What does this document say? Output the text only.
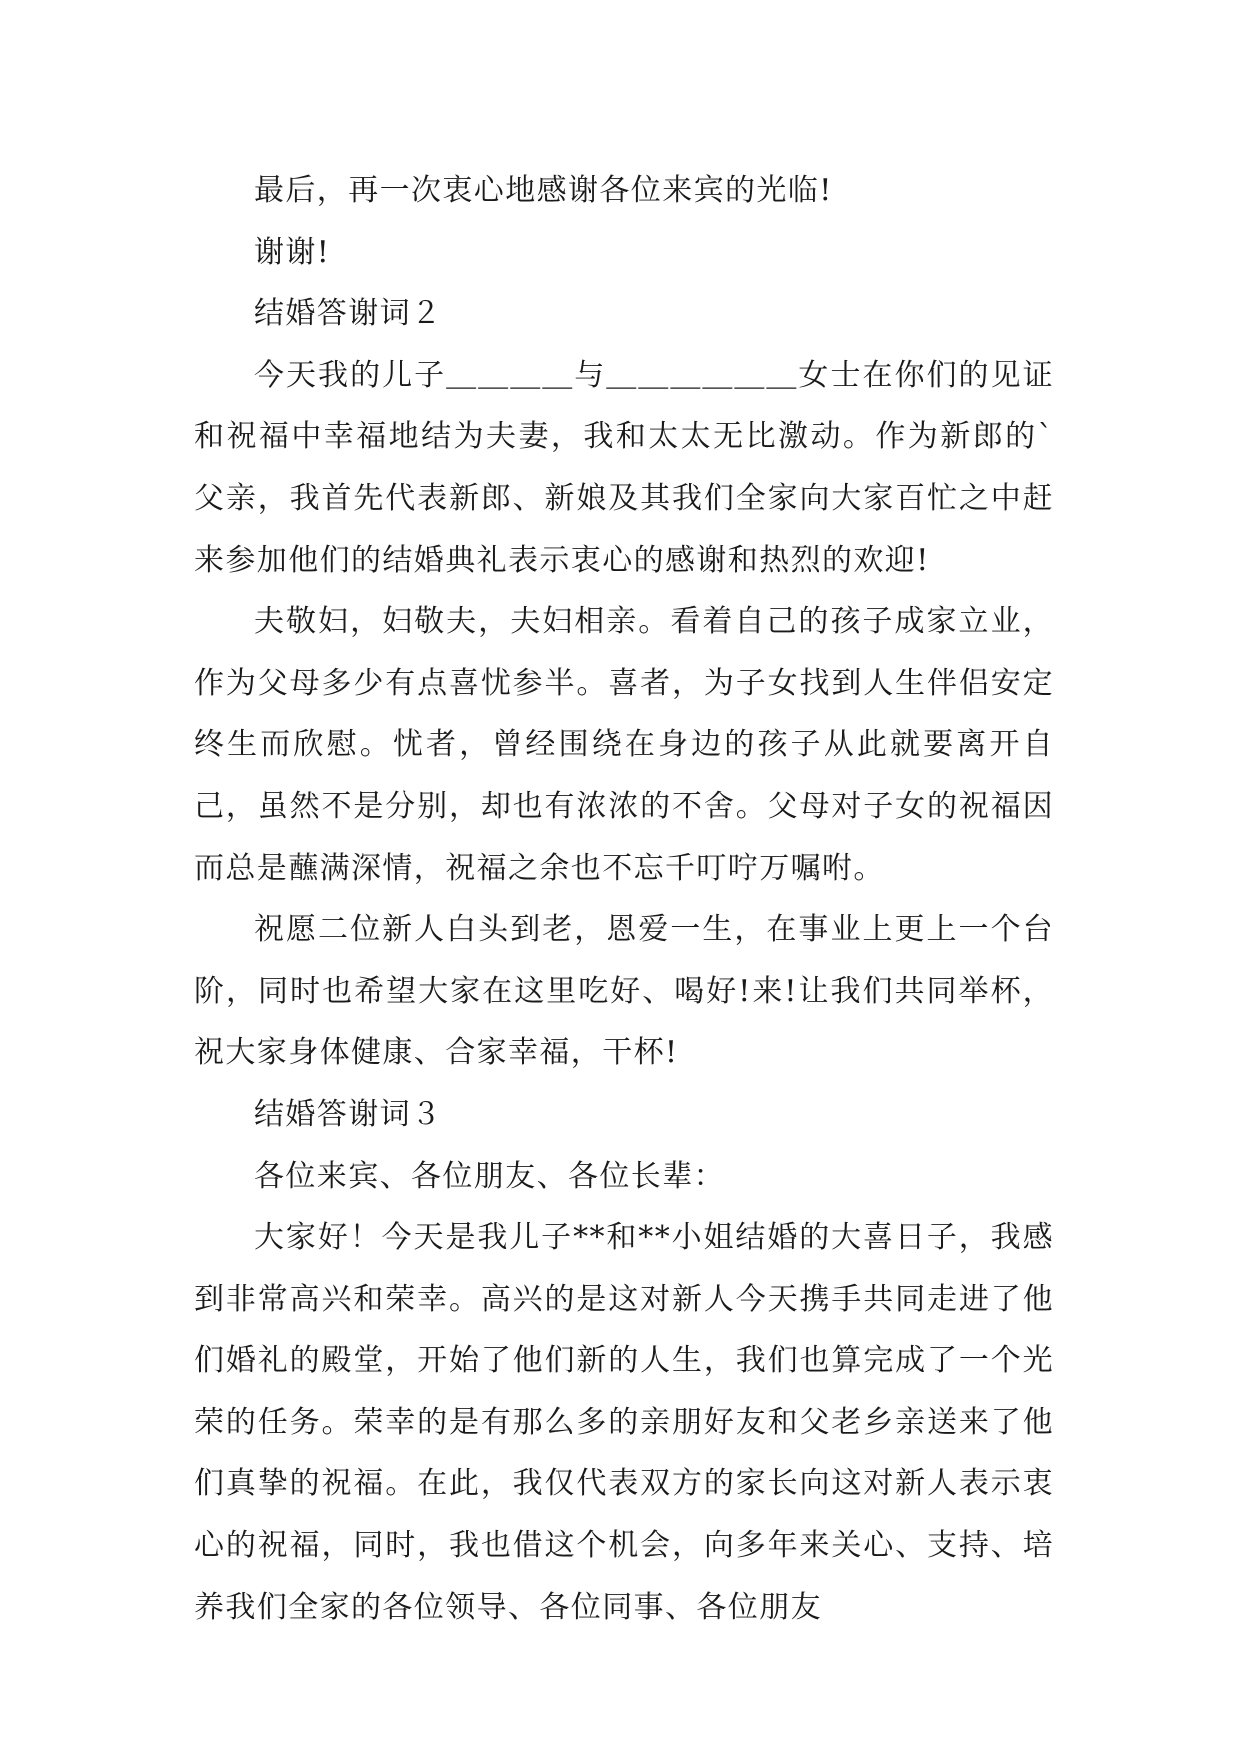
最后，再一次衷心地感谢各位来宾的光临!

谢谢!

结婚答谢词２

今天我的儿子＿＿＿＿与＿＿＿＿＿＿女士在你们的见证和祝福中幸福地结为夫妻，我和太太无比激动。作为新郎的`父亲，我首先代表新郎、新娘及其我们全家向大家百忙之中赶来参加他们的结婚典礼表示衷心的感谢和热烈的欢迎!

夫敬妇，妇敬夫，夫妇相亲。看着自己的孩子成家立业，作为父母多少有点喜忧参半。喜者，为子女找到人生伴侣安定终生而欣慰。忧者，曾经围绕在身边的孩子从此就要离开自己，虽然不是分别，却也有浓浓的不舍。父母对子女的祝福因而总是蘸满深情，祝福之余也不忘千叮咛万嘱咐。

祝愿二位新人白头到老，恩爱一生，在事业上更上一个台阶，同时也希望大家在这里吃好、喝好!来!让我们共同举杯，祝大家身体健康、合家幸福，干杯!

结婚答谢词３

各位来宾、各位朋友、各位长辈：

大家好！今天是我儿子**和**小姐结婚的大喜日子，我感到非常高兴和荣幸。高兴的是这对新人今天携手共同走进了他们婚礼的殿堂，开始了他们新的人生，我们也算完成了一个光荣的任务。荣幸的是有那么多的亲朋好友和父老乡亲送来了他们真挚的祝福。在此，我仅代表双方的家长向这对新人表示衷心的祝福，同时，我也借这个机会，向多年来关心、支持、培养我们全家的各位领导、各位同事、各位朋友
